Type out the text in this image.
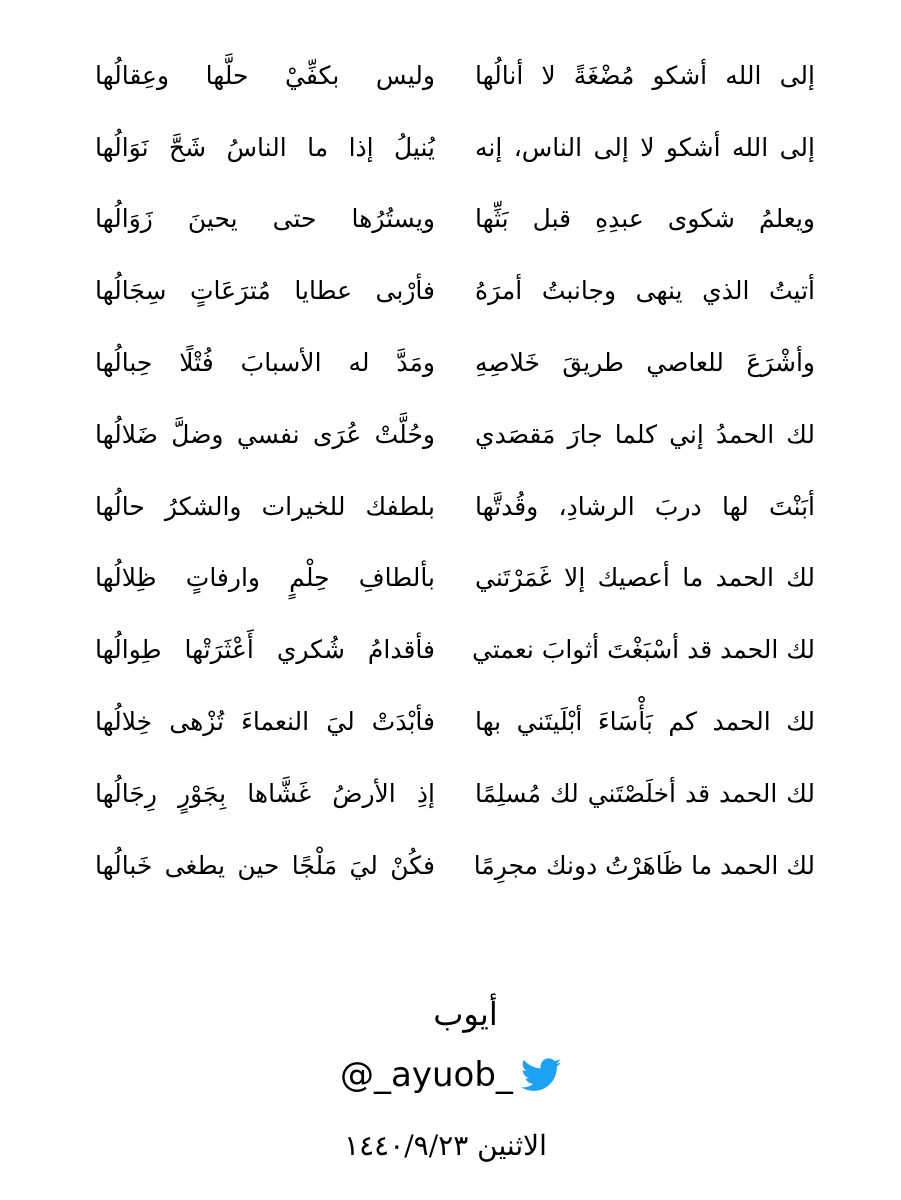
إلى الله أشكو مُضْغَةً لا أنالُها
وليس بكفِّيْ حلَّها وعِقالُها
إلى الله أشكو لا إلى الناس، إنه
يُنيلُ إذا ما الناسُ شَحَّ نَوَالُها
ويعلمُ شكوى عبدِهِ قبل بَثِّها
ويستُرُها حتى يحينَ زَوَالُها
أتيتُ الذي ينهى وجانبتُ أمرَهُ
فأرْبى عطايا مُترَعَاتٍ سِجَالُها
وأشْرَعَ للعاصي طريقَ خَلاصِهِ
ومَدَّ له الأسبابَ فُتْلًا حِبالُها
لك الحمدُ إني كلما جارَ مَقصَدي
وحُلَّتْ عُرَى نفسي وضلَّ ضَلالُها
أبَنْتَ لها دربَ الرشادِ، وقُدتَّها
بلطفك للخيرات والشكرُ حالُها
لك الحمد ما أعصيك إلا غَمَرْتَني
بألطافِ حِلْمٍ وارفاتٍ ظِلالُها
لك الحمد قد أسْبَغْتَ أثوابَ نعمتي
فأقدامُ شُكري أَعْثَرَتْها طِوالُها
لك الحمد كم بَأْسَاءَ أبْلَيتَني بها
فأبْدَتْ ليَ النعماءَ تُزْهى خِلالُها
لك الحمد قد أخلَصْتَني لك مُسلِمًا
إذِ الأرضُ غَشَّاها بِجَوْرٍ رِجَالُها
لك الحمد ما ظَاهَرْتُ دونك مجرِمًا
فكُنْ ليَ مَلْجًا حين يطغى خَبالُها
أيوب
@_ayuob_
الاثنين ١٤٤٠/٩/٢٣
